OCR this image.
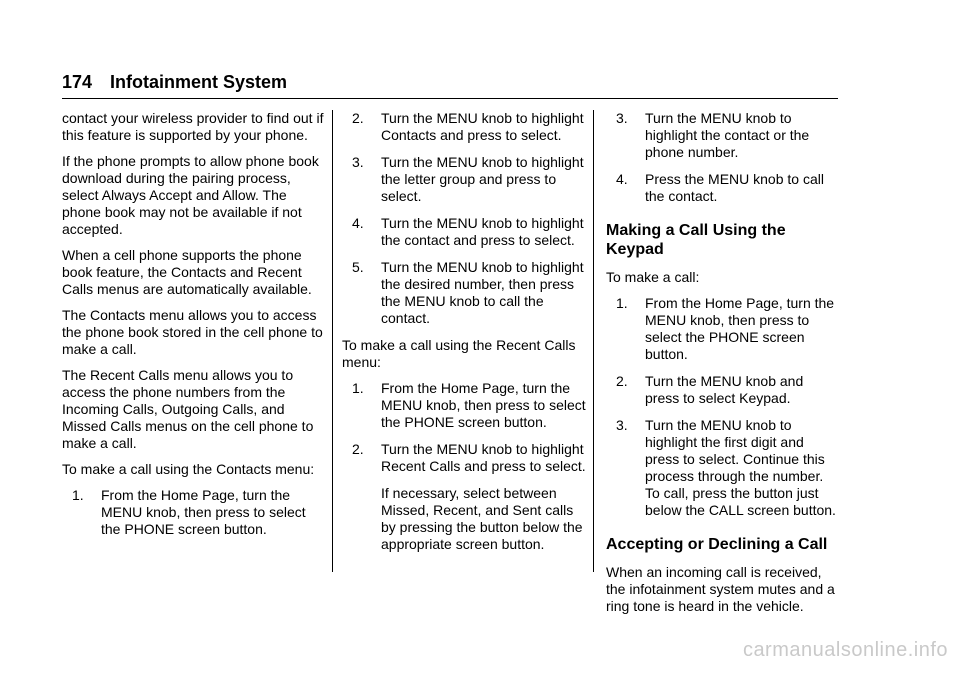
174 Infotainment System

contact your wireless provider to find out if this feature is supported by your phone.

If the phone prompts to allow phone book download during the pairing process, select Always Accept and Allow. The phone book may not be available if not accepted.

When a cell phone supports the phone book feature, the Contacts and Recent Calls menus are automatically available.

The Contacts menu allows you to access the phone book stored in the cell phone to make a call.

The Recent Calls menu allows you to access the phone numbers from the Incoming Calls, Outgoing Calls, and Missed Calls menus on the cell phone to make a call.

To make a call using the Contacts menu:

1. From the Home Page, turn the MENU knob, then press to select the PHONE screen button.
2. Turn the MENU knob to highlight Contacts and press to select.
3. Turn the MENU knob to highlight the letter group and press to select.
4. Turn the MENU knob to highlight the contact and press to select.
5. Turn the MENU knob to highlight the desired number, then press the MENU knob to call the contact.

To make a call using the Recent Calls menu:

1. From the Home Page, turn the MENU knob, then press to select the PHONE screen button.
2. Turn the MENU knob to highlight Recent Calls and press to select.

If necessary, select between Missed, Recent, and Sent calls by pressing the button below the appropriate screen button.

3. Turn the MENU knob to highlight the contact or the phone number.
4. Press the MENU knob to call the contact.
Making a Call Using the Keypad

To make a call:

1. From the Home Page, turn the MENU knob, then press to select the PHONE screen button.
2. Turn the MENU knob and press to select Keypad.
3. Turn the MENU knob to highlight the first digit and press to select. Continue this process through the number. To call, press the button just below the CALL screen button.
Accepting or Declining a Call

When an incoming call is received, the infotainment system mutes and a ring tone is heard in the vehicle.

carmanualsonline.info
